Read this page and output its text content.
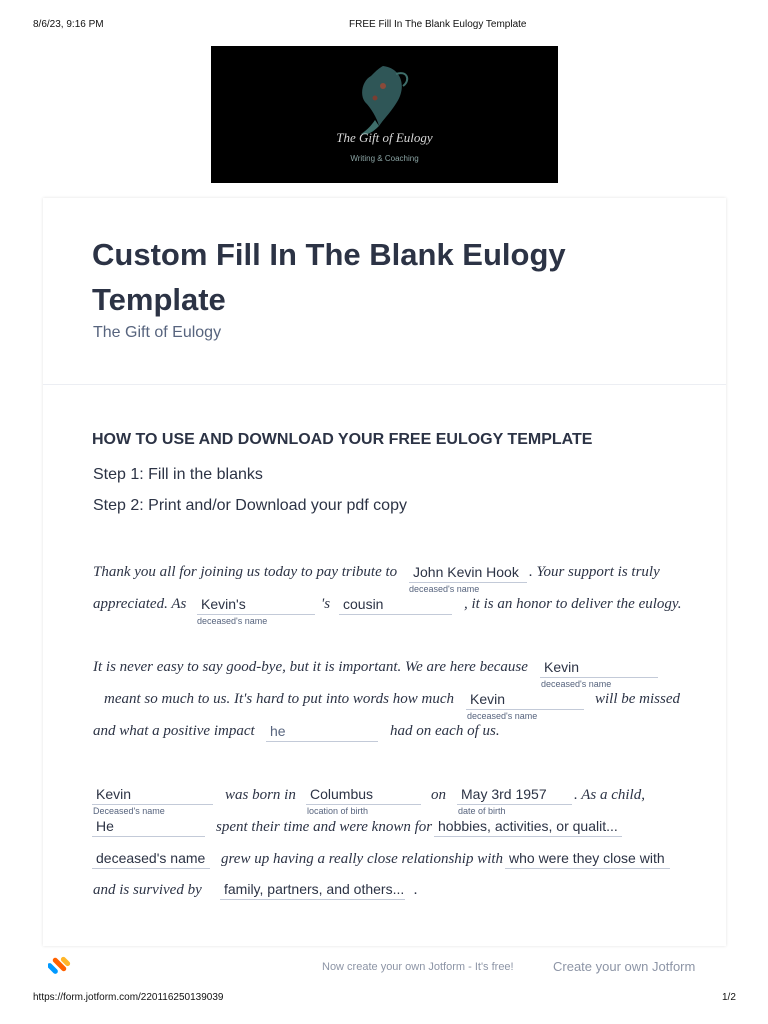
8/6/23, 9:16 PM	FREE Fill In The Blank Eulogy Template
The Gift of Eulogy
Writing & Coaching
Custom Fill In The Blank Eulogy Template
The Gift of Eulogy
HOW TO USE AND DOWNLOAD YOUR FREE EULOGY TEMPLATE
Step 1: Fill in the blanks
Step 2: Print and/or Download your pdf copy
Thank you all for joining us today to pay tribute to John Kevin Hook
deceased's name
. Your support is truly
appreciated. As Kevin's
deceased's name
's cousin	, it is an honor to deliver the eulogy.
It is never easy to say good-bye, but it is important. We are here because Kevin
deceased's name
meant so much to us. It's hard to put into words how much Kevin
deceased's name
will be missed
and what a positive impact he	had on each of us.
Kevin
Deceased's name
was born in Columbus
location of birth
on May 3rd 1957
date of birth
. As a child,
He	spent their time and were known for hobbies, activities, or qualit...
deceased's name	grew up having a really close relationship with who were they close with
and is survived by family, partners, and others... .
Now create your own Jotform - It's free!	Create your own Jotform
https://form.jotform.com/220116250139039	1/2
